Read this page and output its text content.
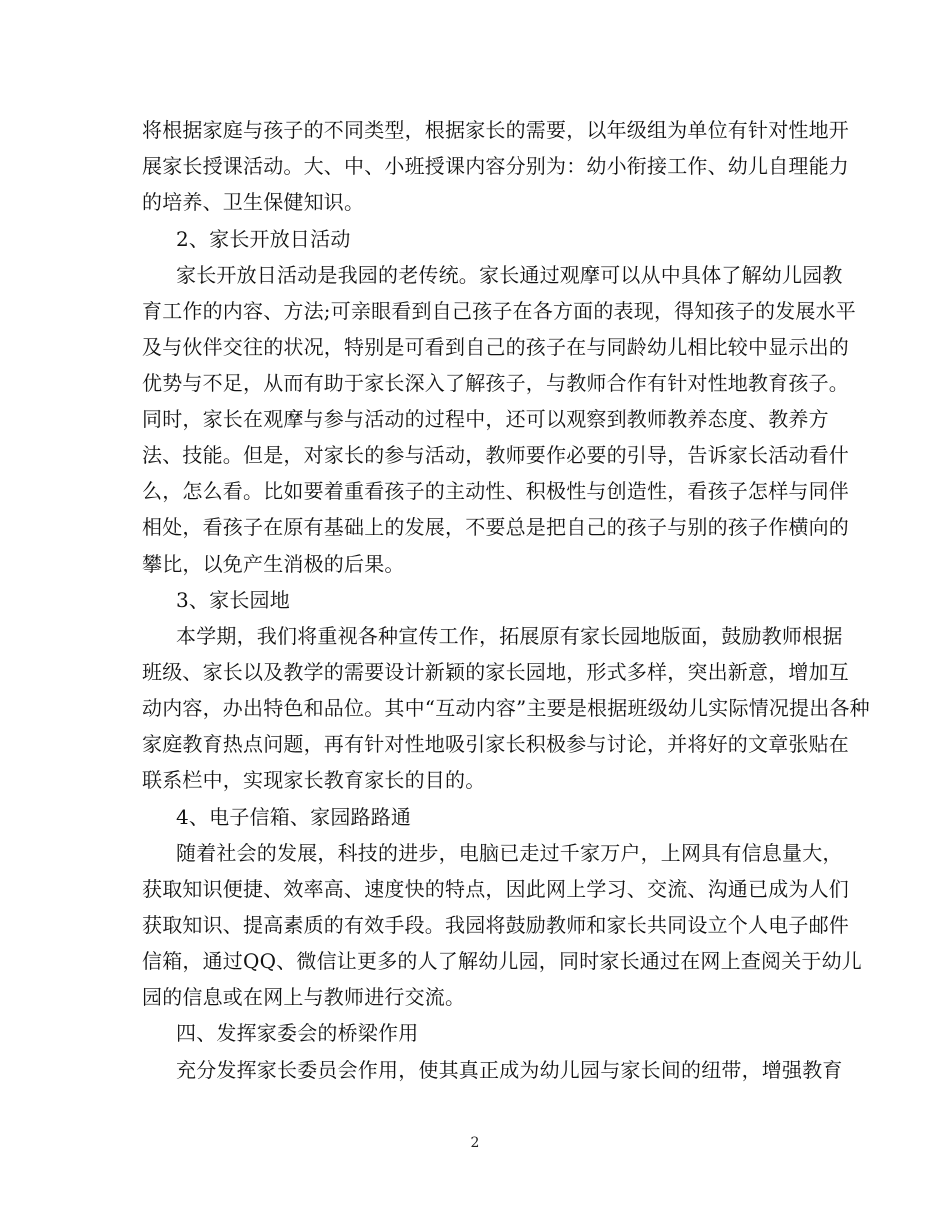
将根据家庭与孩子的不同类型，根据家长的需要，以年级组为单位有针对性地开
展家长授课活动。大、中、小班授课内容分别为：幼小衔接工作、幼儿自理能力
的培养、卫生保健知识。
2、家长开放日活动
家长开放日活动是我园的老传统。家长通过观摩可以从中具体了解幼儿园教
育工作的内容、方法;可亲眼看到自己孩子在各方面的表现，得知孩子的发展水平
及与伙伴交往的状况，特别是可看到自己的孩子在与同龄幼儿相比较中显示出的
优势与不足，从而有助于家长深入了解孩子，与教师合作有针对性地教育孩子。
同时，家长在观摩与参与活动的过程中，还可以观察到教师教养态度、教养方
法、技能。但是，对家长的参与活动，教师要作必要的引导，告诉家长活动看什
么，怎么看。比如要着重看孩子的主动性、积极性与创造性，看孩子怎样与同伴
相处，看孩子在原有基础上的发展，不要总是把自己的孩子与别的孩子作横向的
攀比，以免产生消极的后果。
3、家长园地
本学期，我们将重视各种宣传工作，拓展原有家长园地版面，鼓励教师根据
班级、家长以及教学的需要设计新颖的家长园地，形式多样，突出新意，增加互
动内容，办出特色和品位。其中“互动内容”主要是根据班级幼儿实际情况提出各种
家庭教育热点问题，再有针对性地吸引家长积极参与讨论，并将好的文章张贴在
联系栏中，实现家长教育家长的目的。
4、电子信箱、家园路路通
随着社会的发展，科技的进步，电脑已走过千家万户，上网具有信息量大，
获取知识便捷、效率高、速度快的特点，因此网上学习、交流、沟通已成为人们
获取知识、提高素质的有效手段。我园将鼓励教师和家长共同设立个人电子邮件
信箱，通过QQ、微信让更多的人了解幼儿园，同时家长通过在网上查阅关于幼儿
园的信息或在网上与教师进行交流。
四、发挥家委会的桥梁作用
充分发挥家长委员会作用，使其真正成为幼儿园与家长间的纽带，增强教育
2
